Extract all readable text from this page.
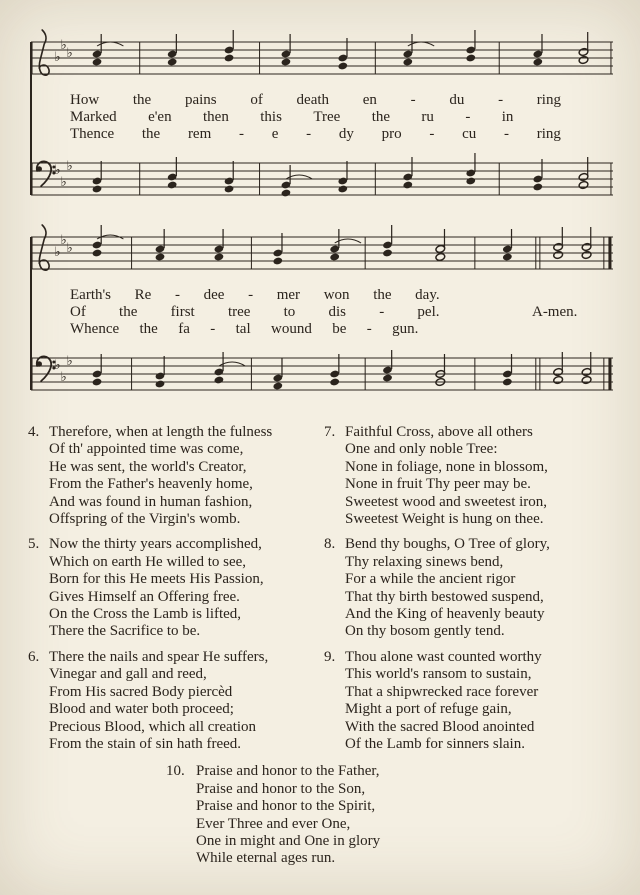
♭
♭
♭
How the pains of death en - du - ring
Marked e'en then this Tree the ru - in
Thence the rem - e - dy pro - cu - ring
♭
♭
♭
♭
♭
♭
Earth's Re - dee - mer won the day.
Of the first tree to dis - pel.	A-men.
Whence the fa - tal wound be - gun.
♭
♭
♭
4. Therefore, when at length the fulness
Of th' appointed time was come,
He was sent, the world's Creator,
From the Father's heavenly home,
And was found in human fashion,
Offspring of the Virgin's womb.
5. Now the thirty years accomplished,
Which on earth He willed to see,
Born for this He meets His Passion,
Gives Himself an Offering free.
On the Cross the Lamb is lifted,
There the Sacrifice to be.
6. There the nails and spear He suffers,
Vinegar and gall and reed,
From His sacred Body piercèd
Blood and water both proceed;
Precious Blood, which all creation
From the stain of sin hath freed.
7. Faithful Cross, above all others
One and only noble Tree:
None in foliage, none in blossom,
None in fruit Thy peer may be.
Sweetest wood and sweetest iron,
Sweetest Weight is hung on thee.
8. Bend thy boughs, O Tree of glory,
Thy relaxing sinews bend,
For a while the ancient rigor
That thy birth bestowed suspend,
And the King of heavenly beauty
On thy bosom gently tend.
9. Thou alone wast counted worthy
This world's ransom to sustain,
That a shipwrecked race forever
Might a port of refuge gain,
With the sacred Blood anointed
Of the Lamb for sinners slain.
10. Praise and honor to the Father,
Praise and honor to the Son,
Praise and honor to the Spirit,
Ever Three and ever One,
One in might and One in glory
While eternal ages run.
